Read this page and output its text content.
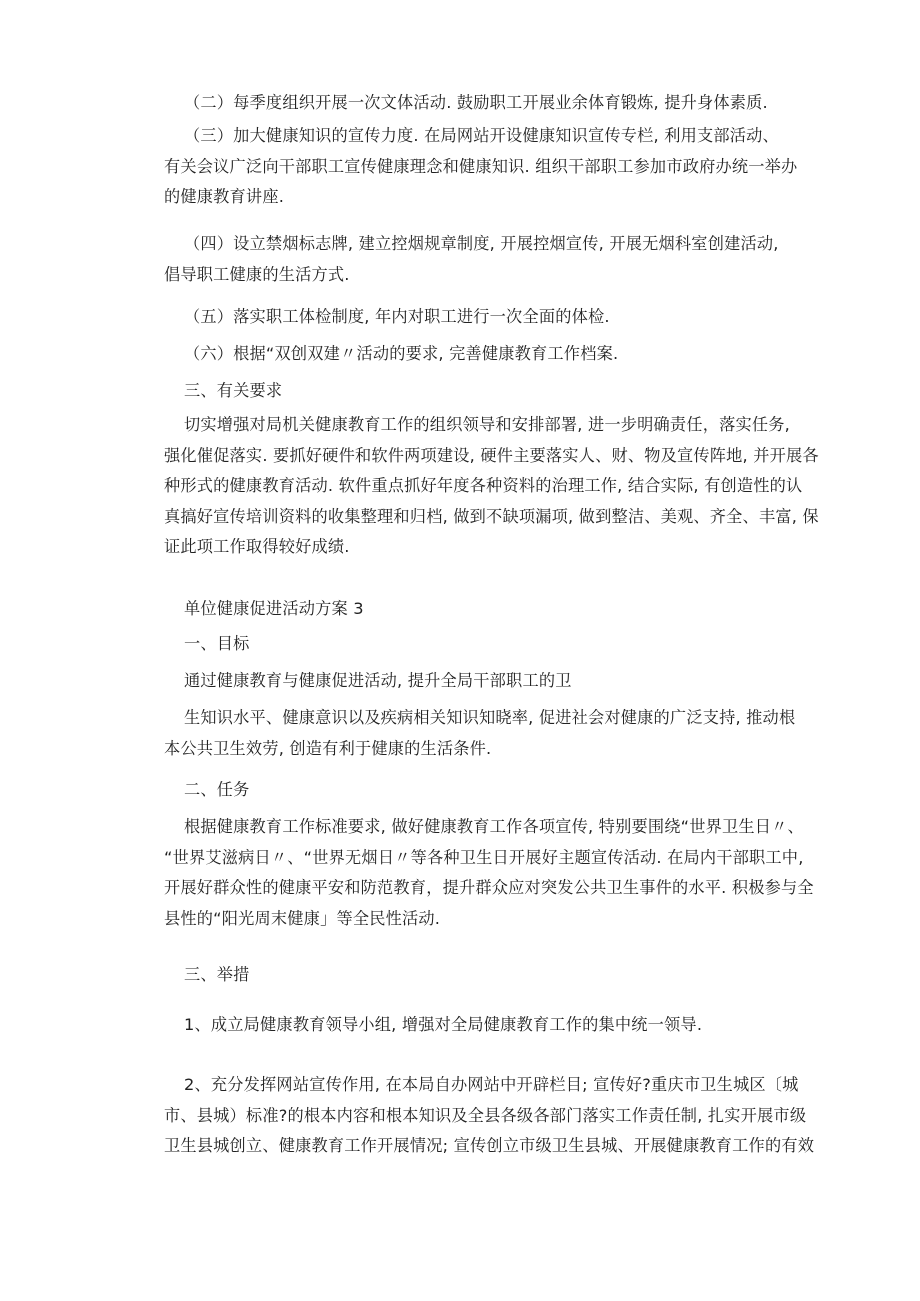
（二）每季度组织开展一次文体活动. 鼓励职工开展业余体育锻炼, 提升身体素质.

（三）加大健康知识的宣传力度. 在局网站开设健康知识宣传专栏, 利用支部活动、
有关会议广泛向干部职工宣传健康理念和健康知识. 组织干部职工参加市政府办统一举办
的健康教育讲座.

（四）设立禁烟标志牌, 建立控烟规章制度, 开展控烟宣传, 开展无烟科室创建活动,
倡导职工健康的生活方式.

（五）落实职工体检制度, 年内对职工进行一次全面的体检.

（六）根据“双创双建〃活动的要求, 完善健康教育工作档案.

三、有关要求

切实增强对局机关健康教育工作的组织领导和安排部署, 进一步明确责任，落实任务,
强化催促落实. 要抓好硬件和软件两项建设, 硬件主要落实人、财、物及宣传阵地, 并开展各
种形式的健康教育活动. 软件重点抓好年度各种资料的治理工作, 结合实际, 有创造性的认
真搞好宣传培训资料的收集整理和归档, 做到不缺项漏项, 做到整洁、美观、齐全、丰富, 保
证此项工作取得较好成绩.

单位健康促进活动方案 3

一、目标

通过健康教育与健康促进活动, 提升全局干部职工的卫

生知识水平、健康意识以及疾病相关知识知晓率, 促进社会对健康的广泛支持, 推动根
本公共卫生效劳, 创造有利于健康的生活条件.

二、任务

根据健康教育工作标准要求, 做好健康教育工作各项宣传, 特别要围绕“世界卫生日〃、
“世界艾滋病日〃、“世界无烟日〃等各种卫生日开展好主题宣传活动. 在局内干部职工中,
开展好群众性的健康平安和防范教育，提升群众应对突发公共卫生事件的水平. 积极参与全
县性的“阳光周末健康」等全民性活动.

三、举措

1、成立局健康教育领导小组, 增强对全局健康教育工作的集中统一领导.

2、充分发挥网站宣传作用, 在本局自办网站中开辟栏目; 宣传好?重庆市卫生城区〔城
市、县城）标准?的根本内容和根本知识及全县各级各部门落实工作责任制, 扎实开展市级
卫生县城创立、健康教育工作开展情况; 宣传创立市级卫生县城、开展健康教育工作的有效
